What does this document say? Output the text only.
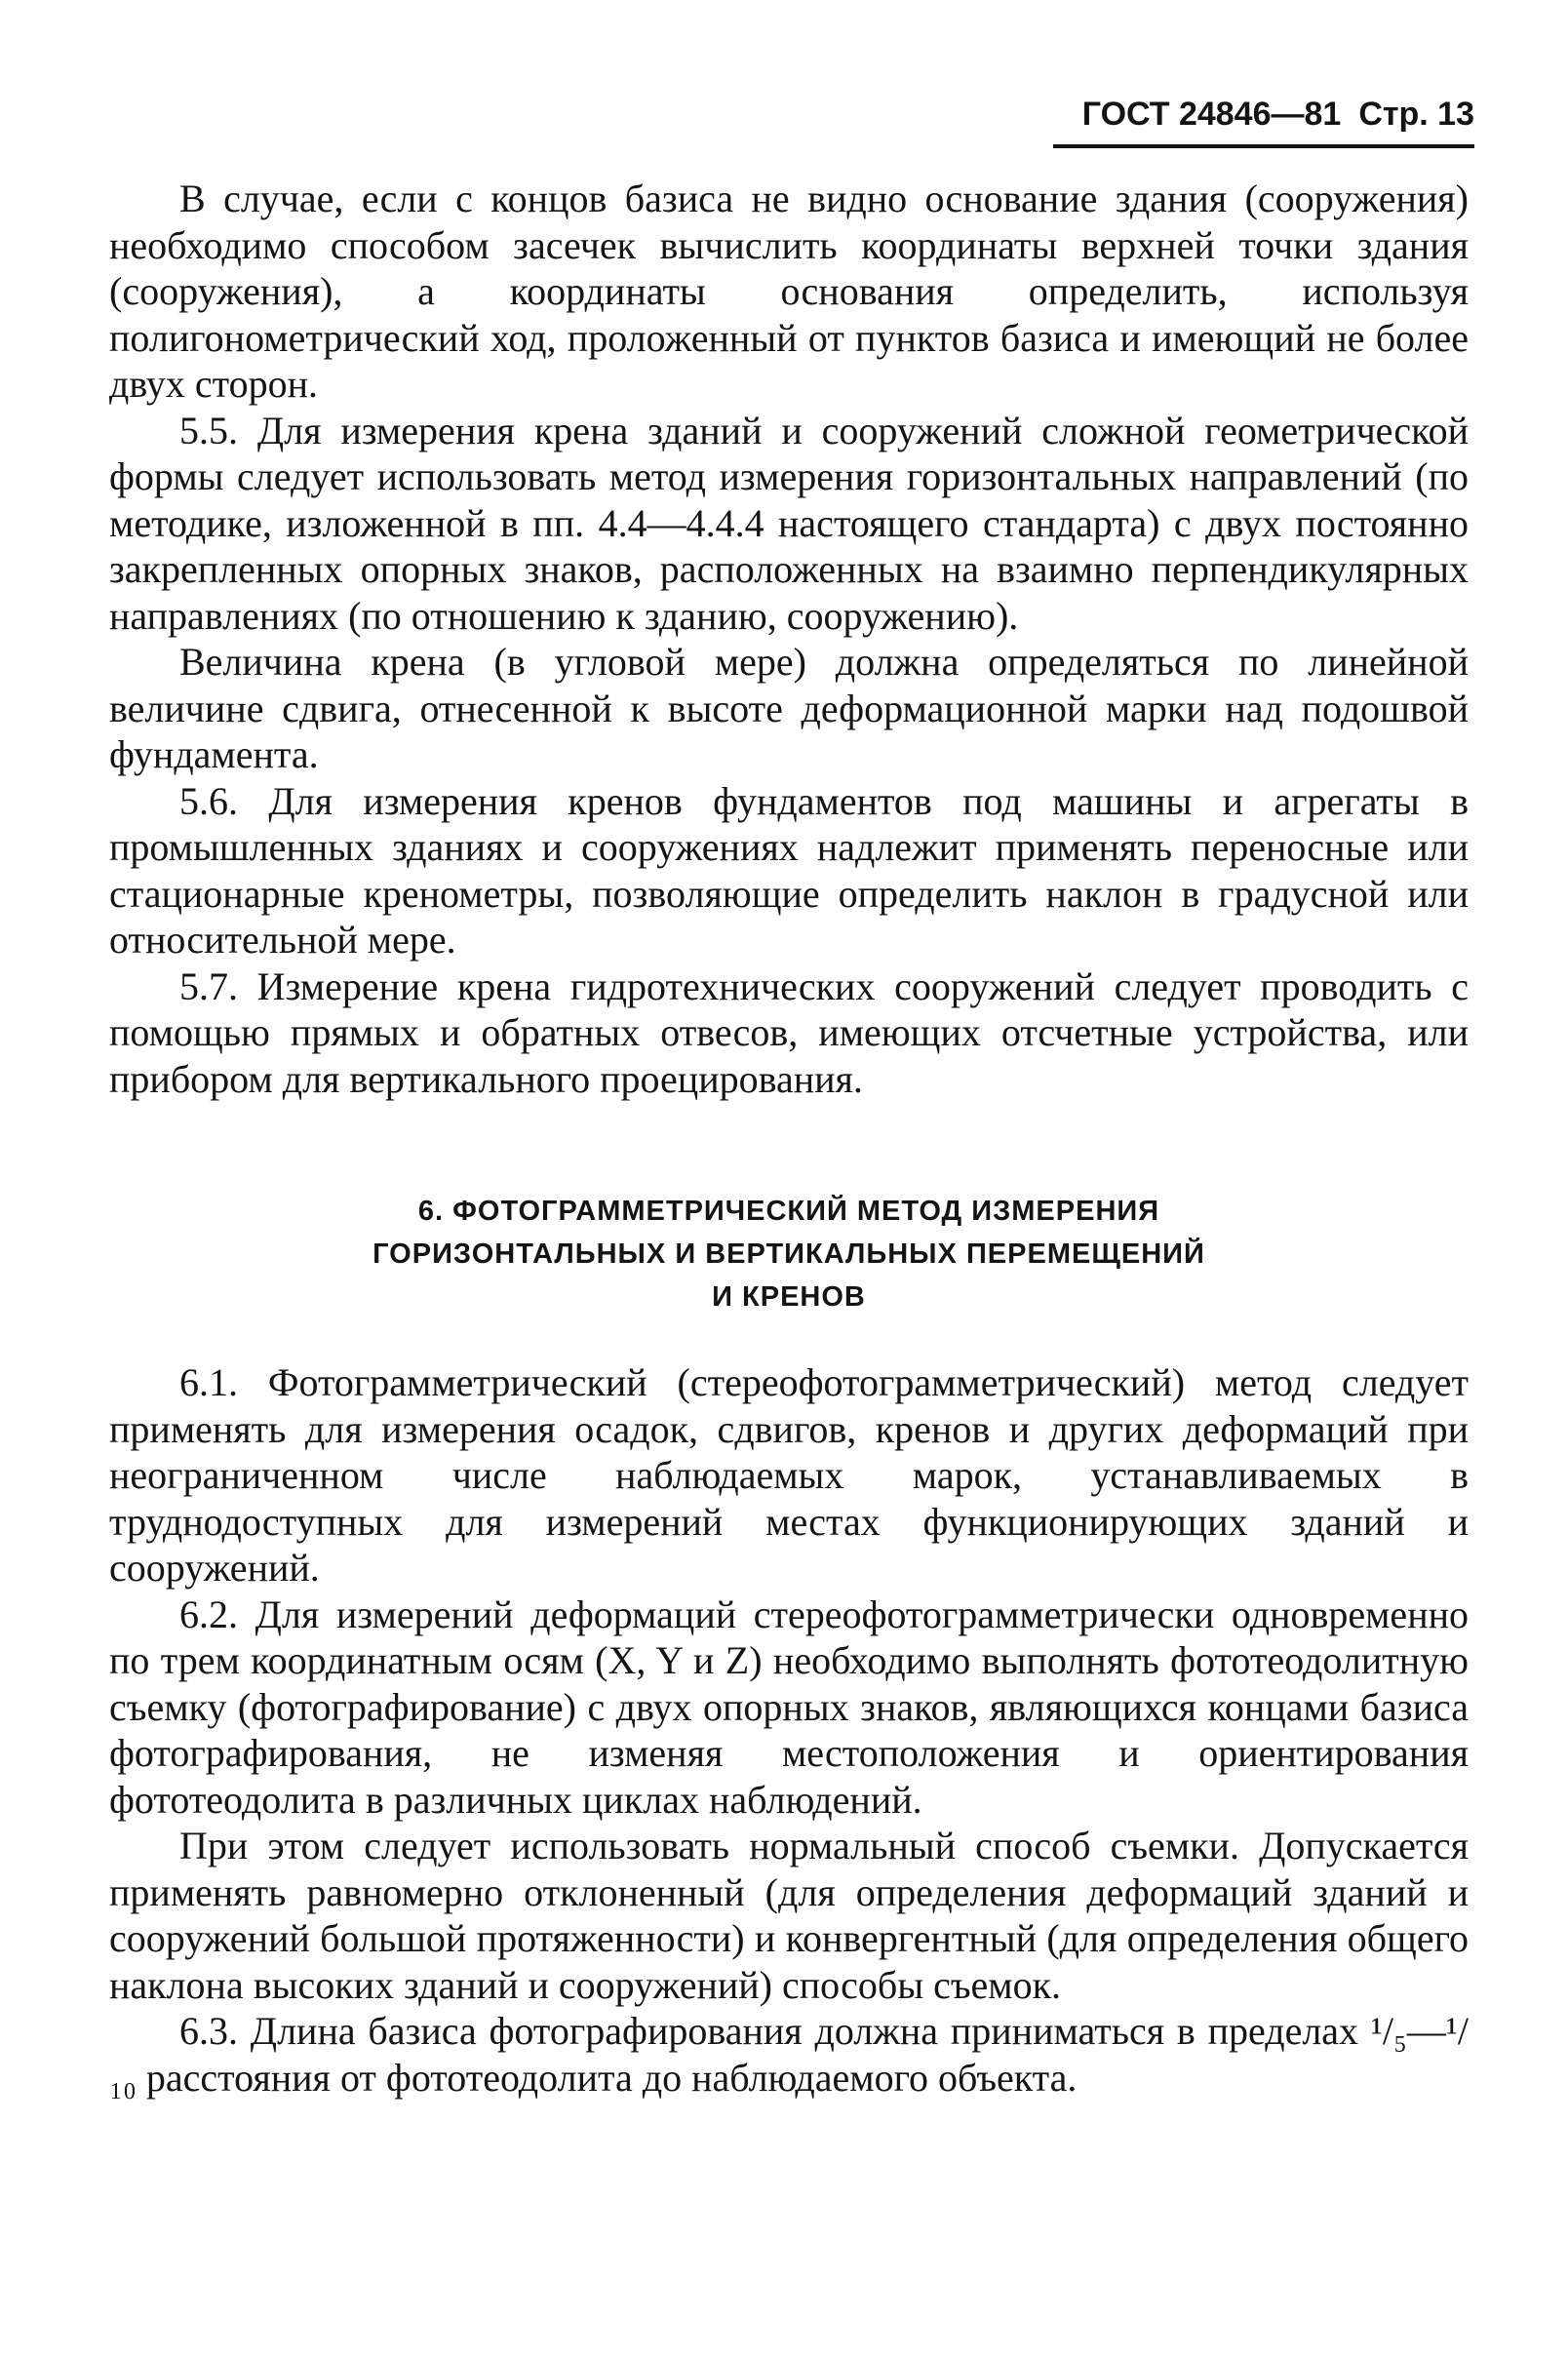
ГОСТ 24846—81 Стр. 13

В случае, если с концов базиса не видно основание здания (сооружения) необходимо способом засечек вычислить координаты верхней точки здания (сооружения), а координаты основания определить, используя полигонометрический ход, проложенный от пунктов базиса и имеющий не более двух сторон.

5.5. Для измерения крена зданий и сооружений сложной геометрической формы следует использовать метод измерения горизонтальных направлений (по методике, изложенной в пп. 4.4—4.4.4 настоящего стандарта) с двух постоянно закрепленных опорных знаков, расположенных на взаимно перпендикулярных направлениях (по отношению к зданию, сооружению).

Величина крена (в угловой мере) должна определяться по линейной величине сдвига, отнесенной к высоте деформационной марки над подошвой фундамента.

5.6. Для измерения кренов фундаментов под машины и агрегаты в промышленных зданиях и сооружениях надлежит применять переносные или стационарные кренометры, позволяющие определить наклон в градусной или относительной мере.

5.7. Измерение крена гидротехнических сооружений следует проводить с помощью прямых и обратных отвесов, имеющих отсчетные устройства, или прибором для вертикального проецирования.

6. ФОТОГРАММЕТРИЧЕСКИЙ МЕТОД ИЗМЕРЕНИЯ
ГОРИЗОНТАЛЬНЫХ И ВЕРТИКАЛЬНЫХ ПЕРЕМЕЩЕНИЙ
И КРЕНОВ

6.1. Фотограмметрический (стереофотограмметрический) метод следует применять для измерения осадок, сдвигов, кренов и других деформаций при неограниченном числе наблюдаемых марок, устанавливаемых в труднодоступных для измерений местах функционирующих зданий и сооружений.

6.2. Для измерений деформаций стереофотограмметрически одновременно по трем координатным осям (X, Y и Z) необходимо выполнять фототеодолитную съемку (фотографирование) с двух опорных знаков, являющихся концами базиса фотографирования, не изменяя местоположения и ориентирования фототеодолита в различных циклах наблюдений.

При этом следует использовать нормальный способ съемки. Допускается применять равномерно отклоненный (для определения деформаций зданий и сооружений большой протяженности) и конвергентный (для определения общего наклона высоких зданий и сооружений) способы съемок.

6.3. Длина базиса фотографирования должна приниматься в пределах ¹/₅—¹/₁₀ расстояния от фототеодолита до наблюдаемого объекта.
